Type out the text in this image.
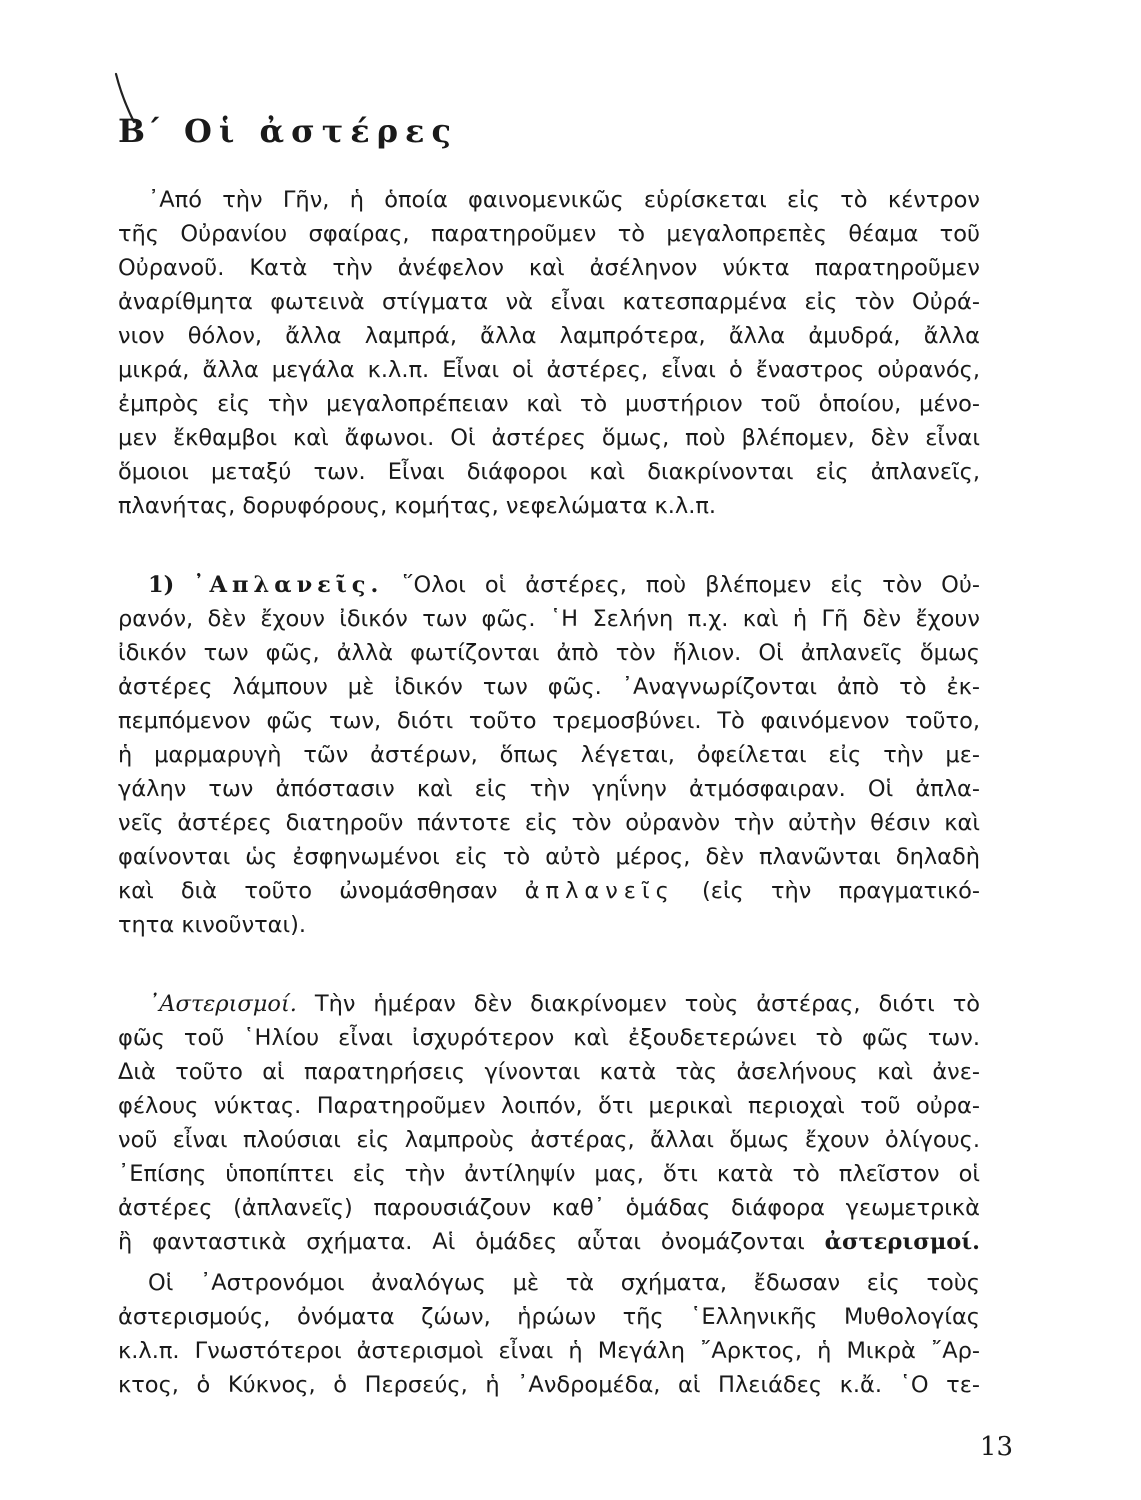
Β΄ Οἱ ἀστέρες

᾿Από τὴν Γῆν, ἡ ὁποία φαινομενικῶς εὑρίσκεται εἰς τὸ κέντρον

τῆς Οὐρανίου σφαίρας, παρατηροῦμεν τὸ μεγαλοπρεπὲς θέαμα τοῦ

Οὐρανοῦ. Κατὰ τὴν ἀνέφελον καὶ ἀσέληνον νύκτα παρατηροῦμεν

ἀναρίθμητα φωτεινὰ στίγματα νὰ εἶναι κατεσπαρμένα εἰς τὸν Οὐρά-

νιον θόλον, ἄλλα λαμπρά, ἄλλα λαμπρότερα, ἄλλα ἀμυδρά, ἄλλα

μικρά, ἄλλα μεγάλα κ.λ.π. Εἶναι οἱ ἀστέρες, εἶναι ὁ ἔναστρος οὐρανός,

ἐμπρὸς εἰς τὴν μεγαλοπρέπειαν καὶ τὸ μυστήριον τοῦ ὁποίου, μένο-

μεν ἔκθαμβοι καὶ ἄφωνοι. Οἱ ἀστέρες ὅμως, ποὺ βλέπομεν, δὲν εἶναι

ὅμοιοι μεταξύ των. Εἶναι διάφοροι καὶ διακρίνονται εἰς ἀπλανεῖς,

πλανήτας, δορυφόρους, κομήτας, νεφελώματα κ.λ.π.

1) ᾿Απλανεῖς. ῞Ολοι οἱ ἀστέρες, ποὺ βλέπομεν εἰς τὸν Οὐ-

ρανόν, δὲν ἔχουν ἰδικόν των φῶς. ῾Η Σελήνη π.χ. καὶ ἡ Γῆ δὲν ἔχουν

ἰδικόν των φῶς, ἀλλὰ φωτίζονται ἀπὸ τὸν ἥλιον. Οἱ ἀπλανεῖς ὅμως

ἀστέρες λάμπουν μὲ ἰδικόν των φῶς. ᾿Αναγνωρίζονται ἀπὸ τὸ ἐκ-

πεμπόμενον φῶς των, διότι τοῦτο τρεμοσβύνει. Τὸ φαινόμενον τοῦτο,

ἡ μαρμαρυγὴ τῶν ἀστέρων, ὅπως λέγεται, ὀφείλεται εἰς τὴν με-

γάλην των ἀπόστασιν καὶ εἰς τὴν γηΐνην ἀτμόσφαιραν. Οἱ ἀπλα-

νεῖς ἀστέρες διατηροῦν πάντοτε εἰς τὸν οὐρανὸν τὴν αὐτὴν θέσιν καὶ

φαίνονται ὡς ἐσφηνωμένοι εἰς τὸ αὐτὸ μέρος, δὲν πλανῶνται δηλαδὴ

καὶ διὰ τοῦτο ὠνομάσθησαν ἀπλανεῖς (εἰς τὴν πραγματικό-

τητα κινοῦνται).

᾿Αστερισμοί. Τὴν ἡμέραν δὲν διακρίνομεν τοὺς ἀστέρας, διότι τὸ

φῶς τοῦ ῾Ηλίου εἶναι ἰσχυρότερον καὶ ἐξουδετερώνει τὸ φῶς των.

Διὰ τοῦτο αἱ παρατηρήσεις γίνονται κατὰ τὰς ἀσελήνους καὶ ἀνε-

φέλους νύκτας. Παρατηροῦμεν λοιπόν, ὅτι μερικαὶ περιοχαὶ τοῦ οὐρα-

νοῦ εἶναι πλούσιαι εἰς λαμπροὺς ἀστέρας, ἄλλαι ὅμως ἔχουν ὀλίγους.

᾿Επίσης ὑποπίπτει εἰς τὴν ἀντίληψίν μας, ὅτι κατὰ τὸ πλεῖστον οἱ

ἀστέρες (ἀπλανεῖς) παρουσιάζουν καθ᾿ ὁμάδας διάφορα γεωμετρικὰ

ἢ φανταστικὰ σχήματα. Αἱ ὁμάδες αὗται ὀνομάζονται ἀστερισμοί.

Οἱ ᾿Αστρονόμοι ἀναλόγως μὲ τὰ σχήματα, ἔδωσαν εἰς τοὺς

ἀστερισμούς, ὀνόματα ζώων, ἡρώων τῆς ῾Ελληνικῆς Μυθολογίας

κ.λ.π. Γνωστότεροι ἀστερισμοὶ εἶναι ἡ Μεγάλη ῎Αρκτος, ἡ Μικρὰ ῎Αρ-

κτος, ὁ Κύκνος, ὁ Περσεύς, ἡ ᾿Ανδρομέδα, αἱ Πλειάδες κ.ἄ. ῾Ο τε-

13
